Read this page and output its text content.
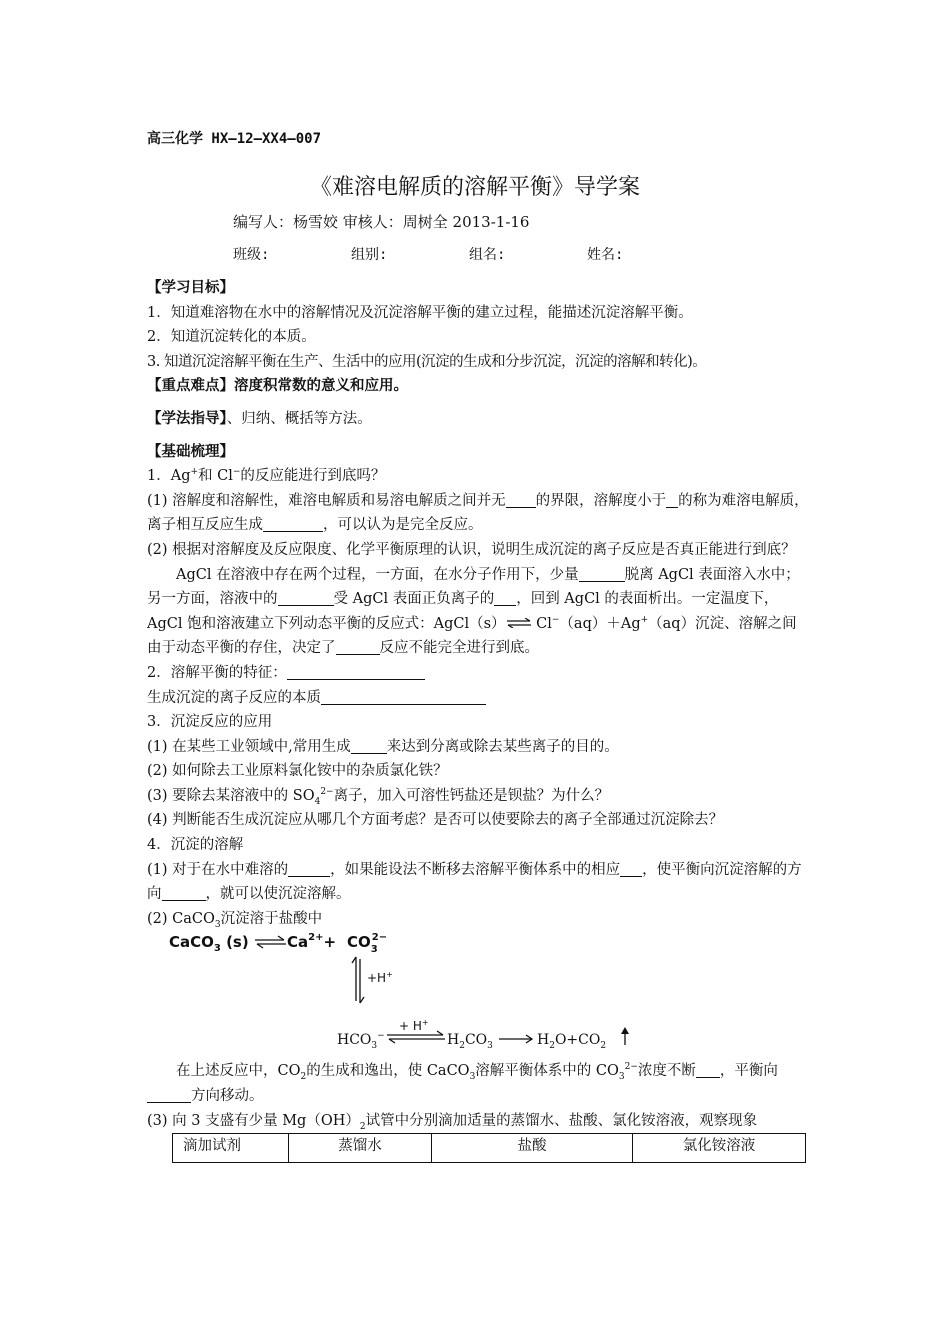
高三化学 HX—12—XX4—007
《难溶电解质的溶解平衡》导学案
编写人：杨雪姣 审核人：周树全 2013-1-16
班级:	组别:	组名:	姓名:

【学习目标】

1．知道难溶物在水中的溶解情况及沉淀溶解平衡的建立过程，能描述沉淀溶解平衡。

2．知道沉淀转化的本质。

3. 知道沉淀溶解平衡在生产、生活中的应用(沉淀的生成和分步沉淀，沉淀的溶解和转化)。

【重点难点】溶度积常数的意义和应用。

【学法指导】、归纳、概括等方法。

【基础梳理】

1．Ag+和 Cl−的反应能进行到底吗？

(1) 溶解度和溶解性，难溶电解质和易溶电解质之间并无 的界限，溶解度小于 的称为难溶电解质，离子相互反应生成	，可以认为是完全反应。

(2) 根据对溶解度及反应限度、化学平衡原理的认识，说明生成沉淀的离子反应是否真正能进行到底？

AgCl 在溶液中存在两个过程，一方面，在水分子作用下，少量	脱离 AgCl 表面溶入水中；另一方面，溶液中的	受 AgCl 表面正负离子的 ，回到 AgCl 的表面析出。一定温度下，AgCl 饱和溶液建立下列动态平衡的反应式：AgCl（s）⇌ Cl−（aq）＋Ag+（aq）沉淀、溶解之间由于动态平衡的存住，决定了	反应不能完全进行到底。

2．溶解平衡的特征：

生成沉淀的离子反应的本质

3．沉淀反应的应用

(1) 在某些工业领域中,常用生成 来达到分离或除去某些离子的目的。

(2) 如何除去工业原料氯化铵中的杂质氯化铁？

(3) 要除去某溶液中的 $SO_4^{2-}$离子，加入可溶性钙盐还是钡盐？为什么？

(4) 判断能否生成沉淀应从哪几个方面考虑？是否可以使要除去的离子全部通过沉淀除去？

4．沉淀的溶解

(1) 对于在水中难溶的	，如果能设法不断移去溶解平衡体系中的相应 ，使平衡向沉淀溶解的方向	，就可以使沉淀溶解。

(2) CaCO$_3$沉淀溶于盐酸中

CaCO$_3$ (s)	$Ca^{2+}+ CO_32-$
+H+
$HCO_3^-$
+ H+
$H_2CO_3$	$H_2O+CO_2$

在上述反应中，$CO_2$的生成和逸出，使 CaCO$_3$溶解平衡体系中的 $CO_3^{2-}$浓度不断 ，平衡向方向移动。

(3) 向 3 支盛有少量 $Mg(OH)_2$试管中分别滴加适量的蒸馏水、盐酸、氯化铵溶液，观察现象

滴加试剂	蒸馏水	盐酸	氯化铵溶液
